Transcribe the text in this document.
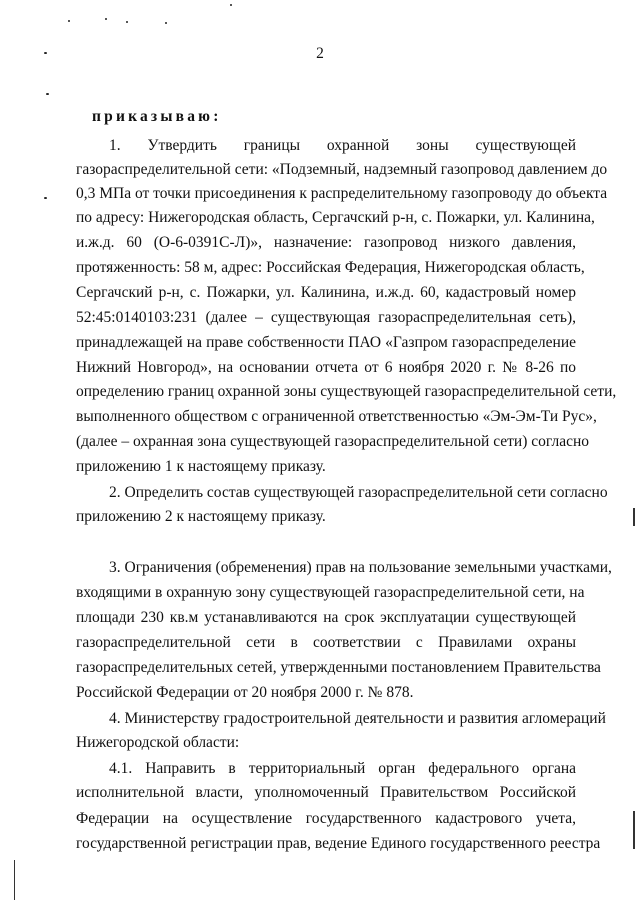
2
приказываю:
1. Утвердить границы охранной зоны существующей
газораспределительной сети: «Подземный, надземный газопровод давлением до
0,3 МПа от точки присоединения к распределительному газопроводу до объекта
по адресу: Нижегородская область, Сергачский р-н, с. Пожарки, ул. Калинина,
и.ж.д. 60 (О-6-0391С-Л)», назначение: газопровод низкого давления,
протяженность: 58 м, адрес: Российская Федерация, Нижегородская область,
Сергачский р-н, с. Пожарки, ул. Калинина, и.ж.д. 60, кадастровый номер
52:45:0140103:231 (далее – существующая газораспределительная сеть),
принадлежащей на праве собственности ПАО «Газпром газораспределение
Нижний Новгород», на основании отчета от 6 ноября 2020 г. № 8-26 по
определению границ охранной зоны существующей газораспределительной сети,
выполненного обществом с ограниченной ответственностью «Эм-Эм-Ти Рус»,
(далее – охранная зона существующей газораспределительной сети) согласно
приложению 1 к настоящему приказу.
2. Определить состав существующей газораспределительной сети согласно
приложению 2 к настоящему приказу.
3. Ограничения (обременения) прав на пользование земельными участками,
входящими в охранную зону существующей газораспределительной сети, на
площади 230 кв.м устанавливаются на срок эксплуатации существующей
газораспределительной сети в соответствии с Правилами охраны
газораспределительных сетей, утвержденными постановлением Правительства
Российской Федерации от 20 ноября 2000 г. № 878.
4. Министерству градостроительной деятельности и развития агломераций
Нижегородской области:
4.1. Направить в территориальный орган федерального органа
исполнительной власти, уполномоченный Правительством Российской
Федерации на осуществление государственного кадастрового учета,
государственной регистрации прав, ведение Единого государственного реестра
